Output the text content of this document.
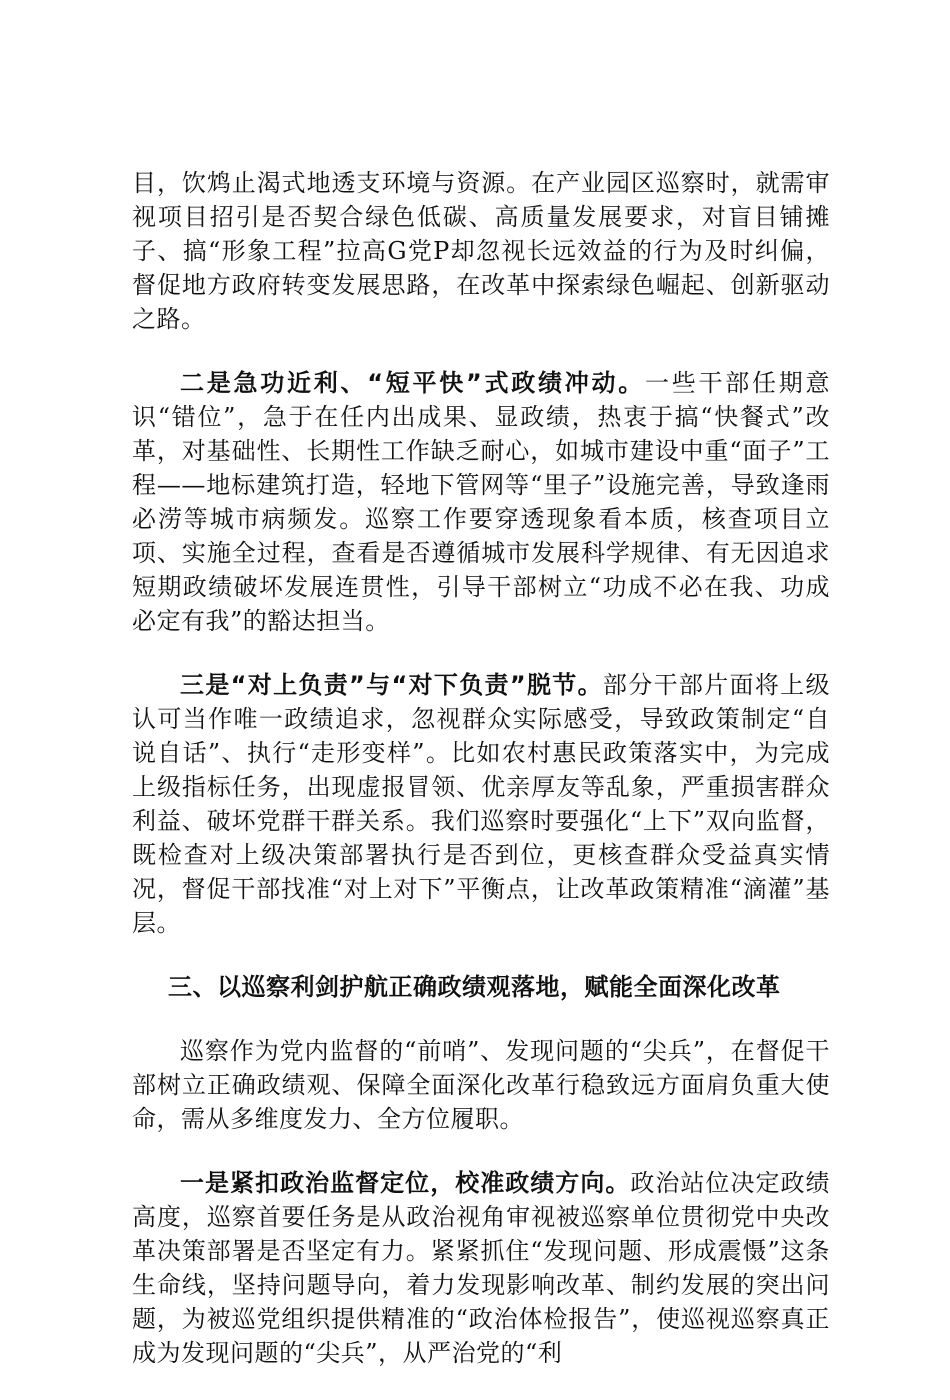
目，饮鸩止渴式地透支环境与资源。在产业园区巡察时，就需审视项目招引是否契合绿色低碳、高质量发展要求，对盲目铺摊子、搞“形象工程”拉高G党P却忽视长远效益的行为及时纠偏，督促地方政府转变发展思路，在改革中探索绿色崛起、创新驱动之路。

二是急功近利、“短平快”式政绩冲动。一些干部任期意识“错位”，急于在任内出成果、显政绩，热衷于搞“快餐式”改革，对基础性、长期性工作缺乏耐心，如城市建设中重“面子”工程——地标建筑打造，轻地下管网等“里子”设施完善，导致逢雨必涝等城市病频发。巡察工作要穿透现象看本质，核查项目立项、实施全过程，查看是否遵循城市发展科学规律、有无因追求短期政绩破坏发展连贯性，引导干部树立“功成不必在我、功成必定有我”的豁达担当。

三是“对上负责”与“对下负责”脱节。部分干部片面将上级认可当作唯一政绩追求，忽视群众实际感受，导致政策制定“自说自话”、执行“走形变样”。比如农村惠民政策落实中，为完成上级指标任务，出现虚报冒领、优亲厚友等乱象，严重损害群众利益、破坏党群干群关系。我们巡察时要强化“上下”双向监督，既检查对上级决策部署执行是否到位，更核查群众受益真实情况，督促干部找准“对上对下”平衡点，让改革政策精准“滴灌”基层。

三、以巡察利剑护航正确政绩观落地，赋能全面深化改革

巡察作为党内监督的“前哨”、发现问题的“尖兵”，在督促干部树立正确政绩观、保障全面深化改革行稳致远方面肩负重大使命，需从多维度发力、全方位履职。

一是紧扣政治监督定位，校准政绩方向。政治站位决定政绩高度，巡察首要任务是从政治视角审视被巡察单位贯彻党中央改革决策部署是否坚定有力。紧紧抓住“发现问题、形成震慑”这条生命线，坚持问题导向，着力发现影响改革、制约发展的突出问题，为被巡党组织提供精准的“政治体检报告”，使巡视巡察真正成为发现问题的“尖兵”，从严治党的“利
